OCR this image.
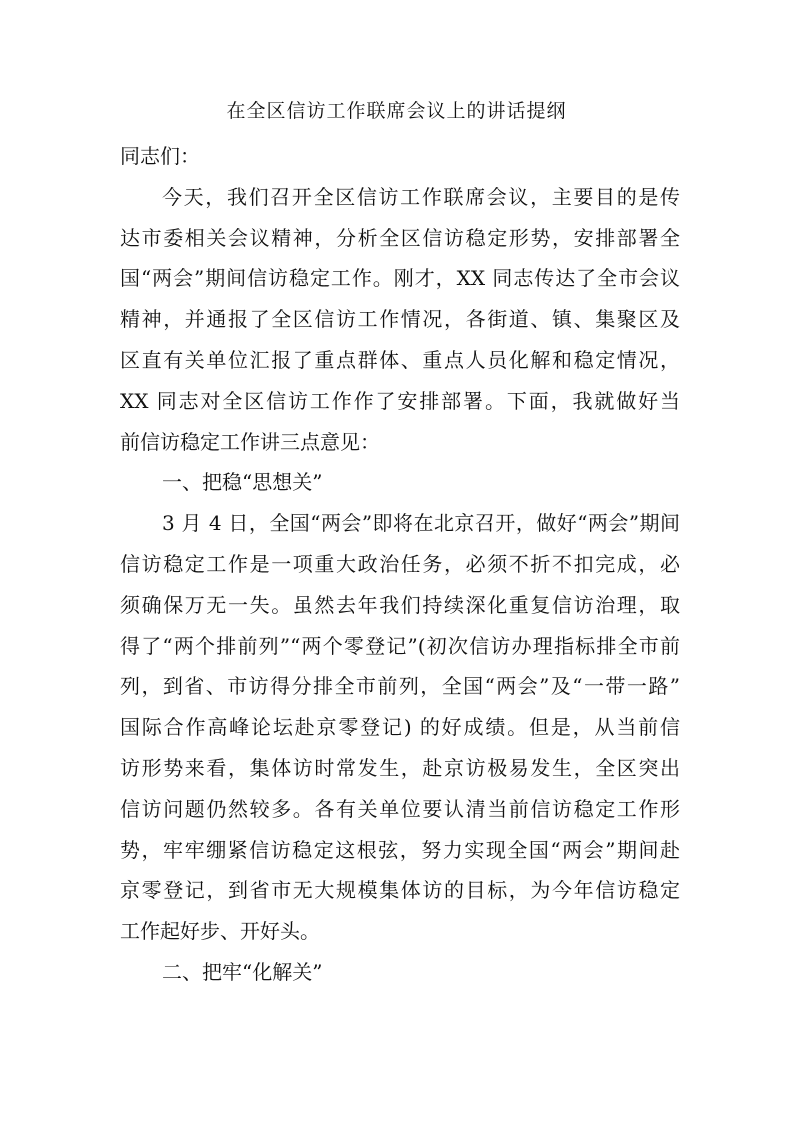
在全区信访工作联席会议上的讲话提纲
同志们：
今天，我们召开全区信访工作联席会议，主要目的是传
达市委相关会议精神，分析全区信访稳定形势，安排部署全
国“两会”期间信访稳定工作。刚才，XX 同志传达了全市会议
精神，并通报了全区信访工作情况，各街道、镇、集聚区及
区直有关单位汇报了重点群体、重点人员化解和稳定情况，
XX 同志对全区信访工作作了安排部署。下面，我就做好当
前信访稳定工作讲三点意见：
一、把稳“思想关”
3 月 4 日，全国“两会”即将在北京召开，做好“两会”期间
信访稳定工作是一项重大政治任务，必须不折不扣完成，必
须确保万无一失。虽然去年我们持续深化重复信访治理，取
得了“两个排前列”“两个零登记”(初次信访办理指标排全市前
列，到省、市访得分排全市前列，全国“两会”及“一带一路”
国际合作高峰论坛赴京零登记) 的好成绩。但是，从当前信
访形势来看，集体访时常发生，赴京访极易发生，全区突出
信访问题仍然较多。各有关单位要认清当前信访稳定工作形
势，牢牢绷紧信访稳定这根弦，努力实现全国“两会”期间赴
京零登记，到省市无大规模集体访的目标，为今年信访稳定
工作起好步、开好头。
二、把牢“化解关”
